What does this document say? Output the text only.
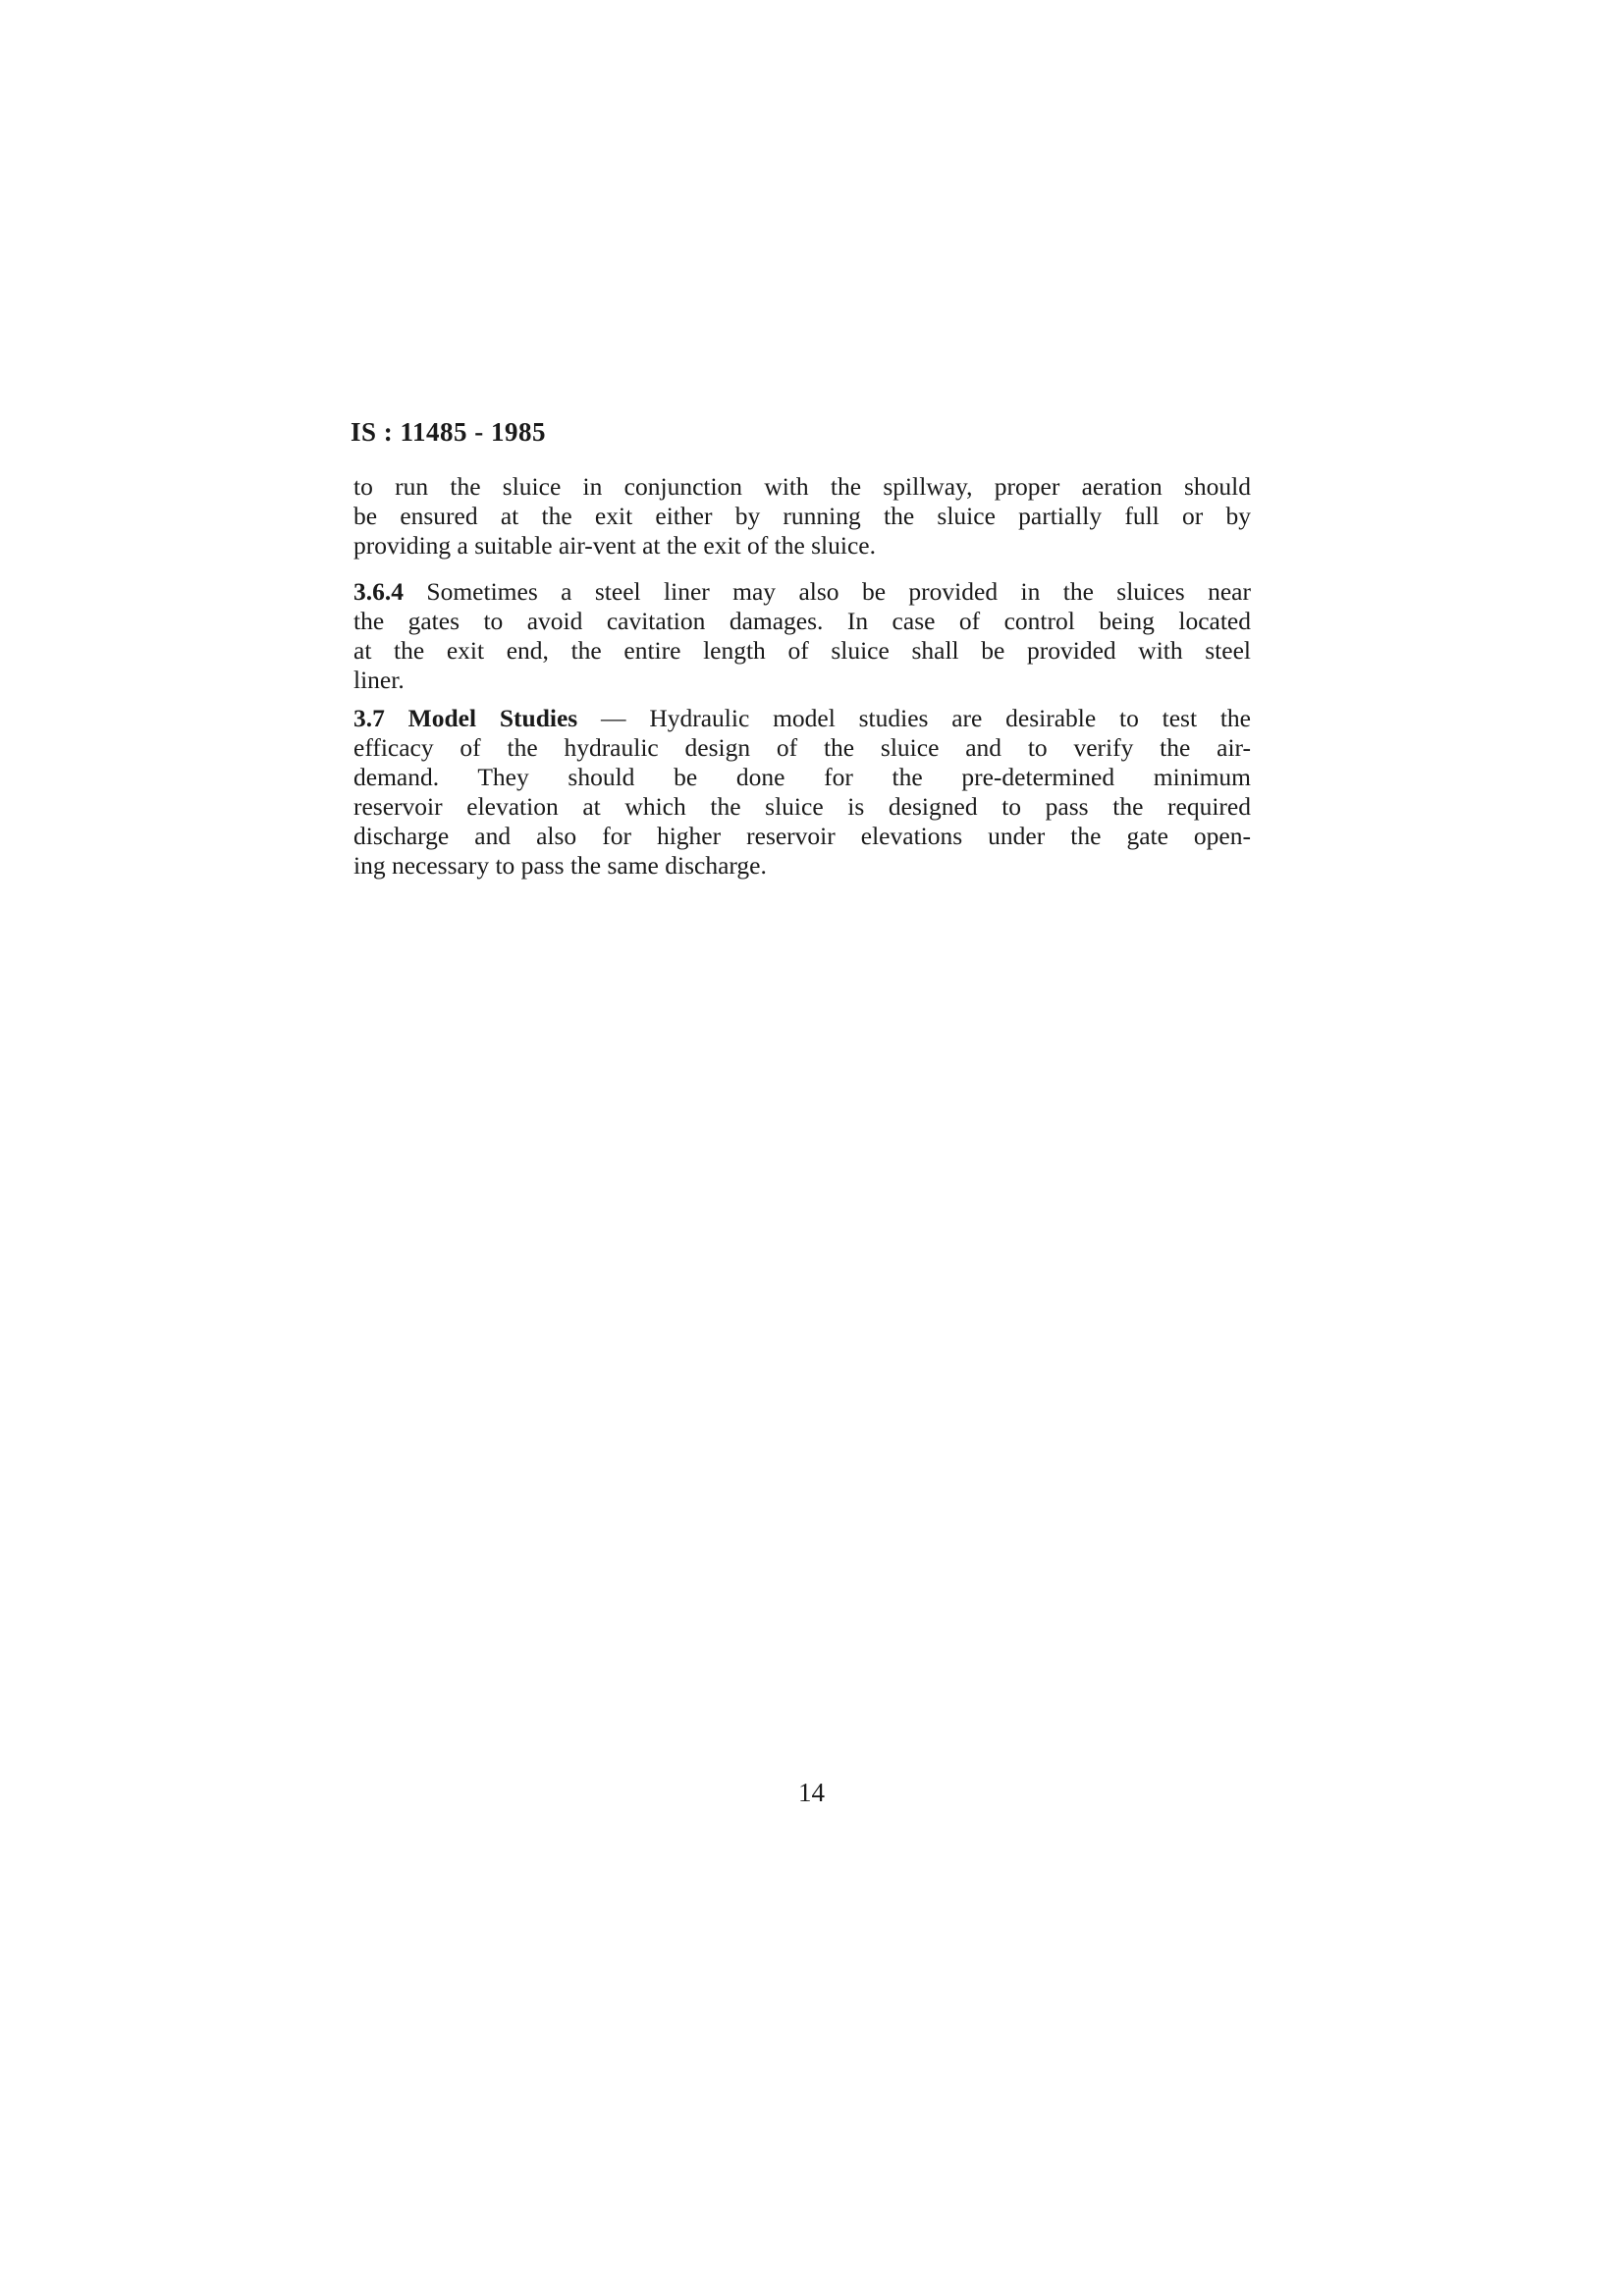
IS : 11485 - 1985
to run the sluice in conjunction with the spillway, proper aeration should
be ensured at the exit either by running the sluice partially full or by
providing a suitable air-vent at the exit of the sluice.
3.6.4 Sometimes a steel liner may also be provided in the sluices near
the gates to avoid cavitation damages. In case of control being located
at the exit end, the entire length of sluice shall be provided with steel
liner.
3.7 Model Studies — Hydraulic model studies are desirable to test the
efficacy of the hydraulic design of the sluice and to verify the air-
demand. They should be done for the pre-determined minimum
reservoir elevation at which the sluice is designed to pass the required
discharge and also for higher reservoir elevations under the gate open-
ing necessary to pass the same discharge.
14
